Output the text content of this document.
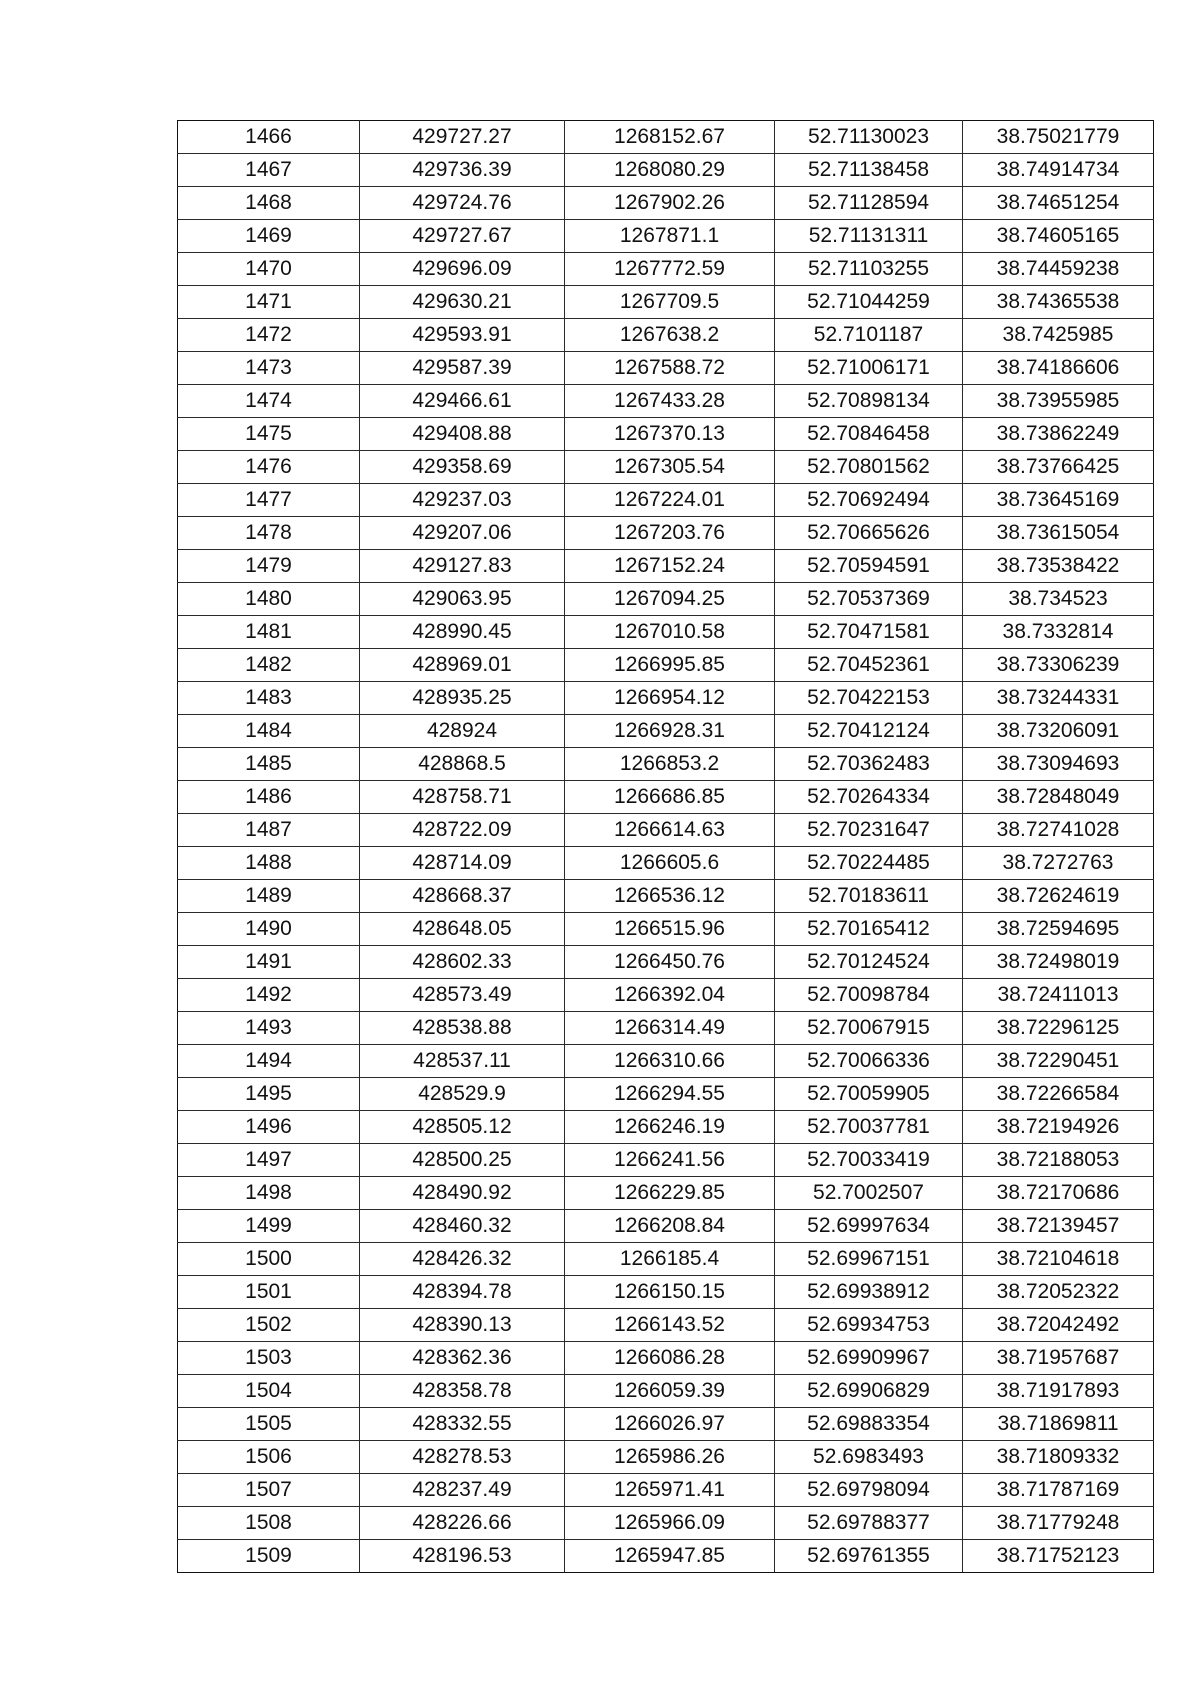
1466	429727.27	1268152.67	52.71130023	38.75021779
1467	429736.39	1268080.29	52.71138458	38.74914734
1468	429724.76	1267902.26	52.71128594	38.74651254
1469	429727.67	1267871.1	52.71131311	38.74605165
1470	429696.09	1267772.59	52.71103255	38.74459238
1471	429630.21	1267709.5	52.71044259	38.74365538
1472	429593.91	1267638.2	52.7101187	38.7425985
1473	429587.39	1267588.72	52.71006171	38.74186606
1474	429466.61	1267433.28	52.70898134	38.73955985
1475	429408.88	1267370.13	52.70846458	38.73862249
1476	429358.69	1267305.54	52.70801562	38.73766425
1477	429237.03	1267224.01	52.70692494	38.73645169
1478	429207.06	1267203.76	52.70665626	38.73615054
1479	429127.83	1267152.24	52.70594591	38.73538422
1480	429063.95	1267094.25	52.70537369	38.734523
1481	428990.45	1267010.58	52.70471581	38.7332814
1482	428969.01	1266995.85	52.70452361	38.73306239
1483	428935.25	1266954.12	52.70422153	38.73244331
1484	428924	1266928.31	52.70412124	38.73206091
1485	428868.5	1266853.2	52.70362483	38.73094693
1486	428758.71	1266686.85	52.70264334	38.72848049
1487	428722.09	1266614.63	52.70231647	38.72741028
1488	428714.09	1266605.6	52.70224485	38.7272763
1489	428668.37	1266536.12	52.70183611	38.72624619
1490	428648.05	1266515.96	52.70165412	38.72594695
1491	428602.33	1266450.76	52.70124524	38.72498019
1492	428573.49	1266392.04	52.70098784	38.72411013
1493	428538.88	1266314.49	52.70067915	38.72296125
1494	428537.11	1266310.66	52.70066336	38.72290451
1495	428529.9	1266294.55	52.70059905	38.72266584
1496	428505.12	1266246.19	52.70037781	38.72194926
1497	428500.25	1266241.56	52.70033419	38.72188053
1498	428490.92	1266229.85	52.7002507	38.72170686
1499	428460.32	1266208.84	52.69997634	38.72139457
1500	428426.32	1266185.4	52.69967151	38.72104618
1501	428394.78	1266150.15	52.69938912	38.72052322
1502	428390.13	1266143.52	52.69934753	38.72042492
1503	428362.36	1266086.28	52.69909967	38.71957687
1504	428358.78	1266059.39	52.69906829	38.71917893
1505	428332.55	1266026.97	52.69883354	38.71869811
1506	428278.53	1265986.26	52.6983493	38.71809332
1507	428237.49	1265971.41	52.69798094	38.71787169
1508	428226.66	1265966.09	52.69788377	38.71779248
1509	428196.53	1265947.85	52.69761355	38.71752123
